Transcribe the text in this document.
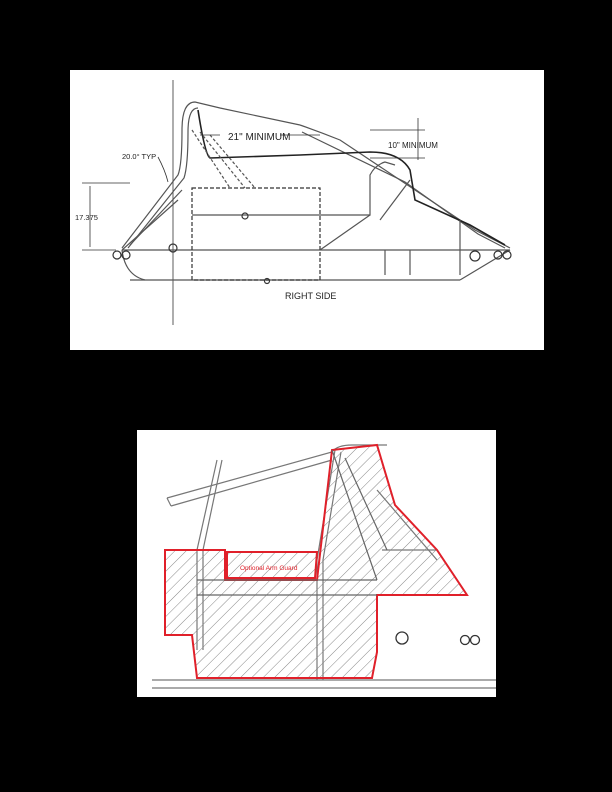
21" MINIMUM
10" MINIMUM
20.0° TYP
17.375
RIGHT SIDE
Optional Arm Guard
